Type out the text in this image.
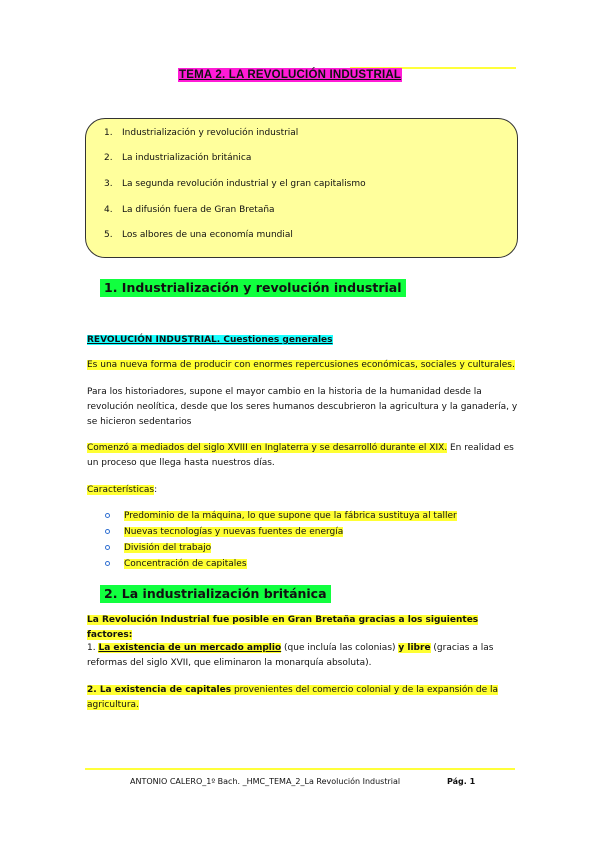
TEMA 2. LA REVOLUCIÓN INDUSTRIAL
1. Industrialización y revolución industrial
2. La industrialización británica
3. La segunda revolución industrial y el gran capitalismo
4. La difusión fuera de Gran Bretaña
5. Los albores de una economía mundial
1. Industrialización y revolución industrial
REVOLUCIÓN INDUSTRIAL. Cuestiones generales
Es una nueva forma de producir con enormes repercusiones económicas, sociales y culturales.
Para los historiadores, supone el mayor cambio en la historia de la humanidad desde la revolución neolítica, desde que los seres humanos descubrieron la agricultura y la ganadería, y se hicieron sedentarios
Comenzó a mediados del siglo XVIII en Inglaterra y se desarrolló durante el XIX. En realidad es un proceso que llega hasta nuestros días.
Características:
Predominio de la máquina, lo que supone que la fábrica sustituya al taller
Nuevas tecnologías y nuevas fuentes de energía
División del trabajo
Concentración de capitales
2. La industrialización británica
La Revolución Industrial fue posible en Gran Bretaña gracias a los siguientes factores:
1. La existencia de un mercado amplio (que incluía las colonias) y libre (gracias a las reformas del siglo XVII, que eliminaron la monarquía absoluta).
2. La existencia de capitales provenientes del comercio colonial y de la expansión de la agricultura.
ANTONIO CALERO_1º Bach. _HMC_TEMA_2_La Revolución Industrial	Pág. 1
